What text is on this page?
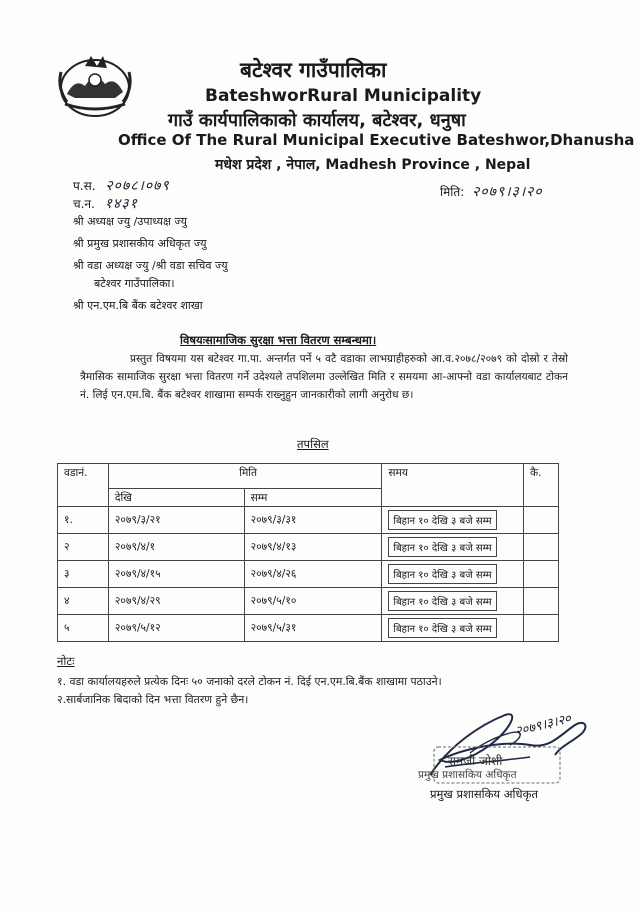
बटेश्वर गाउँपालिका
BateshworRural Municipality
गाउँ कार्यपालिकाको कार्यालय, बटेश्वर, धनुषा
Office Of The Rural Municipal Executive Bateshwor,Dhanusha
मधेश प्रदेश , नेपाल, Madhesh Province , Nepal
प.स. २०७८।०७९
च.न. १४३१
मिति: २०७९।३।२०
श्री अध्यक्ष ज्यु /उपाध्यक्ष ज्यु
श्री प्रमुख प्रशासकीय अधिकृत ज्यु
श्री वडा अध्यक्ष ज्यु /श्री वडा सचिव ज्यु
बटेश्वर गाउँपालिका।
श्री एन.एम.बि बैंक बटेश्वर शाखा
विषयःसामाजिक सुरक्षा भत्ता वितरण सम्बन्धमा।
प्रस्तुत विषयमा यस बटेश्वर गा.पा. अन्तर्गत पर्ने ५ वटै वडाका लाभग्राहीहरुको आ.व.२०७८/२०७९ को दोस्रो र तेस्रो त्रैमासिक सामाजिक सुरक्षा भत्ता वितरण गर्ने उदेश्यले तपशिलमा उल्लेखित मिति र समयमा आ-आफ्नो वडा कार्यालयबाट टोकन नं. लिई एन.एम.बि. बैंक बटेश्वर शाखामा सम्पर्क राख्नुहुन जानकारीको लागी अनुरोध छ।
तपसिल
वडानं.	मिति		समय	कै.
	देखि	सम्म		
१.	२०७९/३/२१	२०७९/३/३१	बिहान १० देखि ३ बजे सम्म	
२	२०७९/४/१	२०७९/४/१३	बिहान १० देखि ३ बजे सम्म	
३	२०७९/४/१५	२०७९/४/२६	बिहान १० देखि ३ बजे सम्म	
४	२०७९/४/२९	२०७९/५/१०	बिहान १० देखि ३ बजे सम्म	
५	२०७९/५/१२	२०७९/५/३१	बिहान १० देखि ३ बजे सम्म	
नोटः
१. वडा कार्यालयहरुले प्रत्येक दिनः ५० जनाको दरले टोकन नं. दिई एन.एम.बि.बैंक शाखामा पठाउने।
२.सार्बजानिक बिदाको दिन भत्ता वितरण हुने छैन।
२०७९।३।२०
रामजी जोशी
प्रमुख प्रशासकिय अधिकृत
प्रमुख प्रशासकिय अधिकृत
